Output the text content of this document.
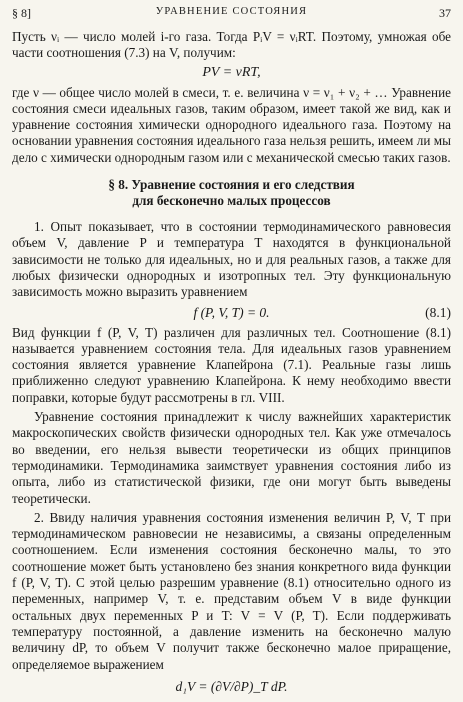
§ 8]	УРАВНЕНИЕ СОСТОЯНИЯ	37

Пусть νᵢ — число молей i-го газа. Тогда PᵢV = νᵢRT. Поэтому, умножая обе части соотношения (7.3) на V, получим:

PV = νRT,

где ν — общее число молей в смеси, т. е. величина ν = ν₁ + ν₂ + … Уравнение состояния смеси идеальных газов, таким образом, имеет такой же вид, как и уравнение состояния химически однородного идеального газа. Поэтому на основании уравнения состояния идеального газа нельзя решить, имеем ли мы дело с химически однородным газом или с механической смесью таких газов.

§ 8. Уравнение состояния и его следствия
для бесконечно малых процессов

1. Опыт показывает, что в состоянии термодинамического равновесия объем V, давление P и температура T находятся в функциональной зависимости не только для идеальных, но и для реальных газов, а также для любых физически однородных и изотропных тел. Эту функциональную зависимость можно выразить уравнением

f (P, V, T) = 0.	(8.1)

Вид функции f (P, V, T) различен для различных тел. Соотношение (8.1) называется уравнением состояния тела. Для идеальных газов уравнением состояния является уравнение Клапейрона (7.1). Реальные газы лишь приближенно следуют уравнению Клапейрона. К нему необходимо ввести поправки, которые будут рассмотрены в гл. VIII.

Уравнение состояния принадлежит к числу важнейших характеристик макроскопических свойств физически однородных тел. Как уже отмечалось во введении, его нельзя вывести теоретически из общих принципов термодинамики. Термодинамика заимствует уравнения состояния либо из опыта, либо из статистической физики, где они могут быть выведены теоретически.

2. Ввиду наличия уравнения состояния изменения величин P, V, T при термодинамическом равновесии не независимы, а связаны определенным соотношением. Если изменения состояния бесконечно малы, то это соотношение может быть установлено без знания конкретного вида функции f (P, V, T). С этой целью разрешим уравнение (8.1) относительно одного из переменных, например V, т. е. представим объем V в виде функции остальных двух переменных P и T: V = V (P, T). Если поддерживать температуру постоянной, а давление изменить на бесконечно малую величину dP, то объем V получит также бесконечно малое приращение, определяемое выражением

d₁V = (∂V/∂P)_T dP.
